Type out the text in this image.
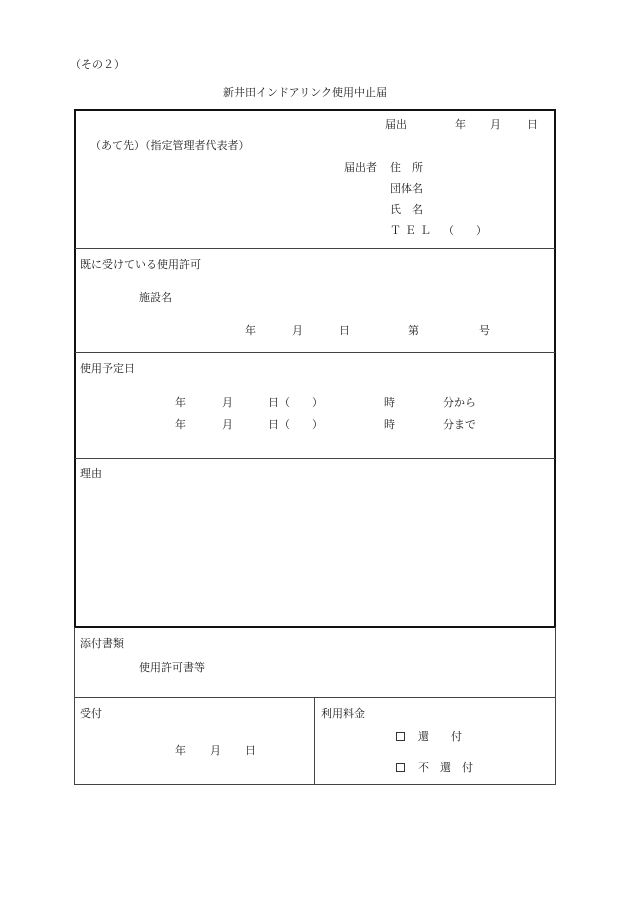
（その２）
新井田インドアリンク使用中止届
届出	年 月 日
（あて先）（指定管理者代表者）
届出者 住　所
団体名
氏　名
ＴＥＬ （　　）
既に受けている使用許可
施設名
年	月	日	第	号
使用予定日
年	月	日（　　）	時	分から
年	月	日（　　）	時	分まで
理由
添付書類
使用許可書等
受付
年 月 日
利用料金
還　　付
不　還　付
